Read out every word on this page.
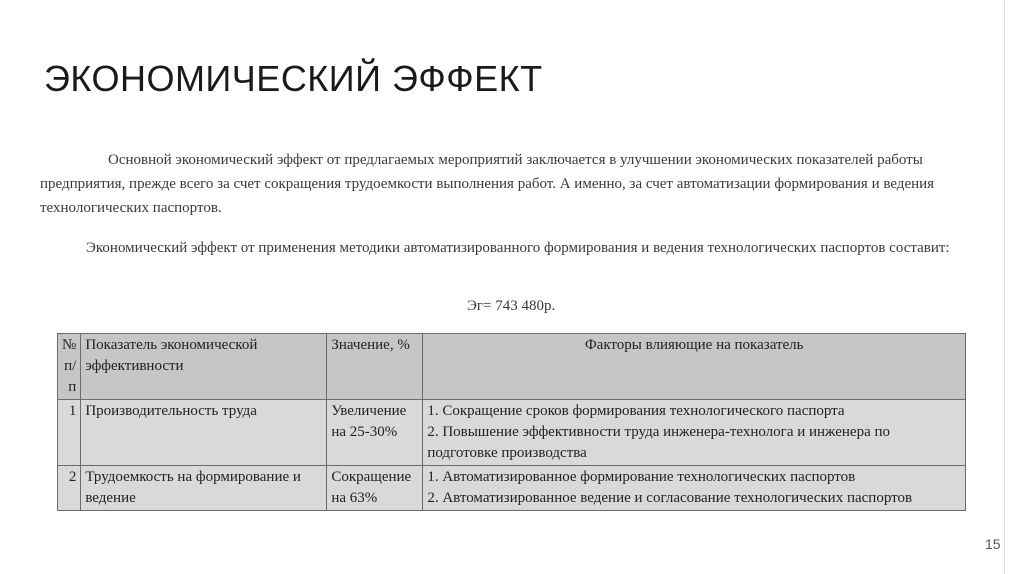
ЭКОНОМИЧЕСКИЙ ЭФФЕКТ

Основной экономический эффект от предлагаемых мероприятий заключается в улучшении экономических показателей работы предприятия, прежде всего за счет сокращения трудоемкости выполнения работ. А именно, за счет автоматизации формирования и ведения технологических паспортов.

Экономический эффект от применения методики автоматизированного формирования и ведения технологических паспортов составит:

Эг= 743 480р.
№ п/п	Показатель экономической эффективности	Значение, %	Факторы влияющие на показатель
1	Производительность труда	Увеличение на 25-30%	1. Сокращение сроков формирования технологического паспорта
2. Повышение эффективности труда инженера-технолога и инженера по подготовке производства

2	Трудоемкость на формирование и ведение	Сокращение на 63%	1. Автоматизированное формирование технологических паспортов
2. Автоматизированное ведение и согласование технологических паспортов
15
